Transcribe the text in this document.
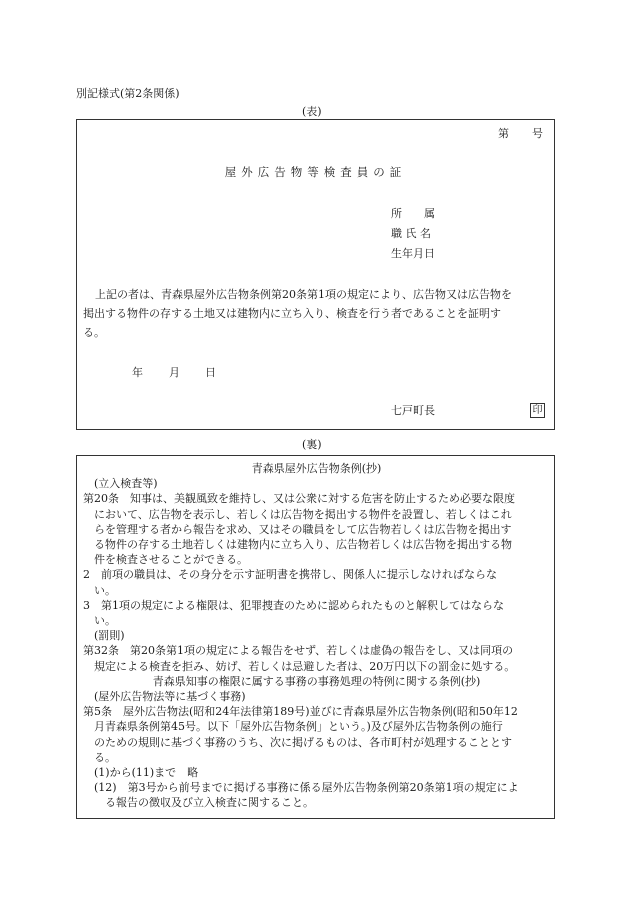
別記様式(第2条関係)
(表)
第 号
屋外広告物等検査員の証
所　　属
職 氏 名
生年月日
上記の者は、青森県屋外広告物条例第20条第1項の規定により、広告物又は広告物を
掲出する物件の存する土地又は建物内に立ち入り、検査を行う者であることを証明す
る。
年 月 日
七戸町長	印
(裏)

青森県屋外広告物条例(抄)

(立入検査等)

第20条　知事は、美観風致を維持し、又は公衆に対する危害を防止するため必要な限度

において、広告物を表示し、若しくは広告物を掲出する物件を設置し、若しくはこれ

らを管理する者から報告を求め、又はその職員をして広告物若しくは広告物を掲出す

る物件の存する土地若しくは建物内に立ち入り、広告物若しくは広告物を掲出する物

件を検査させることができる。

2　前項の職員は、その身分を示す証明書を携帯し、関係人に提示しなければならな

い。

3　第1項の規定による権限は、犯罪捜査のために認められたものと解釈してはならな

い。

(罰則)

第32条　第20条第1項の規定による報告をせず、若しくは虚偽の報告をし、又は同項の

規定による検査を拒み、妨げ、若しくは忌避した者は、20万円以下の罰金に処する。

青森県知事の権限に属する事務の事務処理の特例に関する条例(抄)

(屋外広告物法等に基づく事務)

第5条　屋外広告物法(昭和24年法律第189号)並びに青森県屋外広告物条例(昭和50年12

月青森県条例第45号。以下「屋外広告物条例」という。)及び屋外広告物条例の施行

のための規則に基づく事務のうち、次に掲げるものは、各市町村が処理することとす

る。

(1)から(11)まで　略

(12)　第3号から前号までに掲げる事務に係る屋外広告物条例第20条第1項の規定によ

る報告の徴収及び立入検査に関すること。
